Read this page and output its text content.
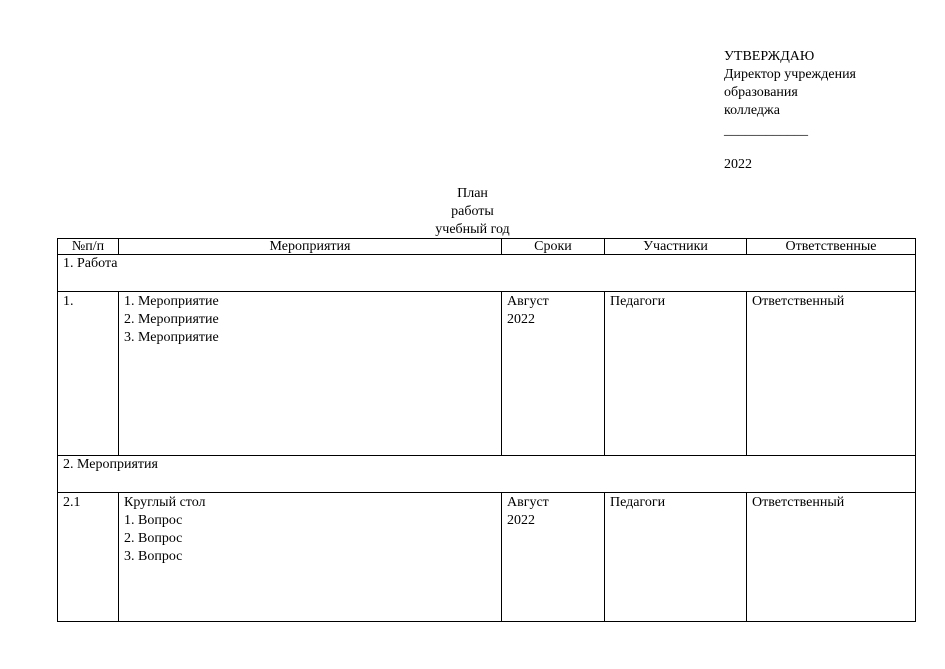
УТВЕРЖДАЮ
Директор учреждения
образования
колледжа
____________
2022
План
работы
учебный год
№п/п	Мероприятия	Сроки	Участники	Ответственные
1. Работа				
1.	1. Мероприятие
2. Мероприятие
3. Мероприятие	Август
2022	Педагоги	Ответственный

2. Мероприятия				
2.1	Круглый стол
1. Вопрос
2. Вопрос
3. Вопрос	Август
2022	Педагоги	Ответственный
